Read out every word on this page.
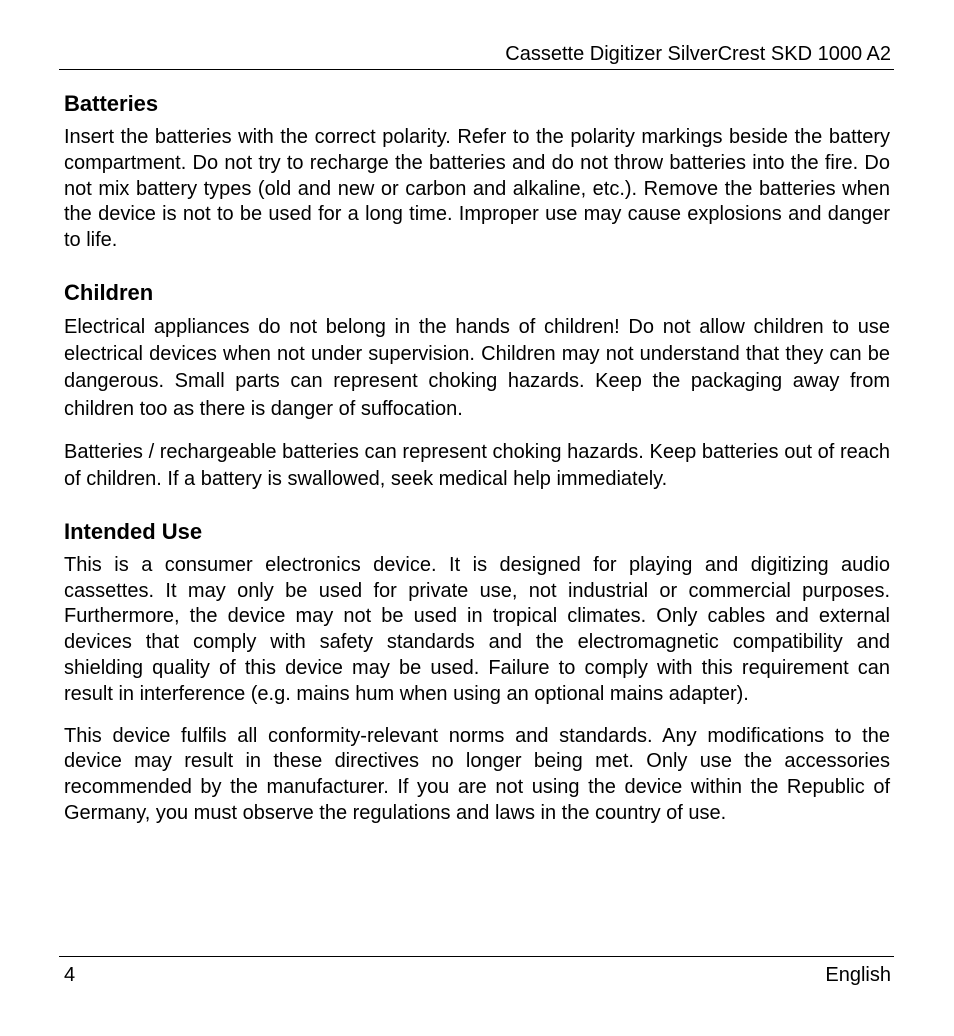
Cassette Digitizer SilverCrest SKD 1000 A2
Batteries

Insert the batteries with the correct polarity. Refer to the polarity markings beside the battery compartment. Do not try to recharge the batteries and do not throw batteries into the fire. Do not mix battery types (old and new or carbon and alkaline, etc.). Remove the batteries when the device is not to be used for a long time. Improper use may cause explosions and danger to life.

Children

Electrical appliances do not belong in the hands of children! Do not allow children to use electrical devices when not under supervision. Children may not understand that they can be dangerous. Small parts can represent choking hazards. Keep the packaging away from children too as there is danger of suffocation.

Batteries / rechargeable batteries can represent choking hazards. Keep batteries out of reach of children. If a battery is swallowed, seek medical help immediately.

Intended Use

This is a consumer electronics device. It is designed for playing and digitizing audio cassettes. It may only be used for private use, not industrial or commercial purposes. Furthermore, the device may not be used in tropical climates. Only cables and external devices that comply with safety standards and the electromagnetic compatibility and shielding quality of this device may be used. Failure to comply with this requirement can result in interference (e.g. mains hum when using an optional mains adapter).

This device fulfils all conformity-relevant norms and standards. Any modifications to the device may result in these directives no longer being met. Only use the accessories recommended by the manufacturer. If you are not using the device within the Republic of Germany, you must observe the regulations and laws in the country of use.

4	English
